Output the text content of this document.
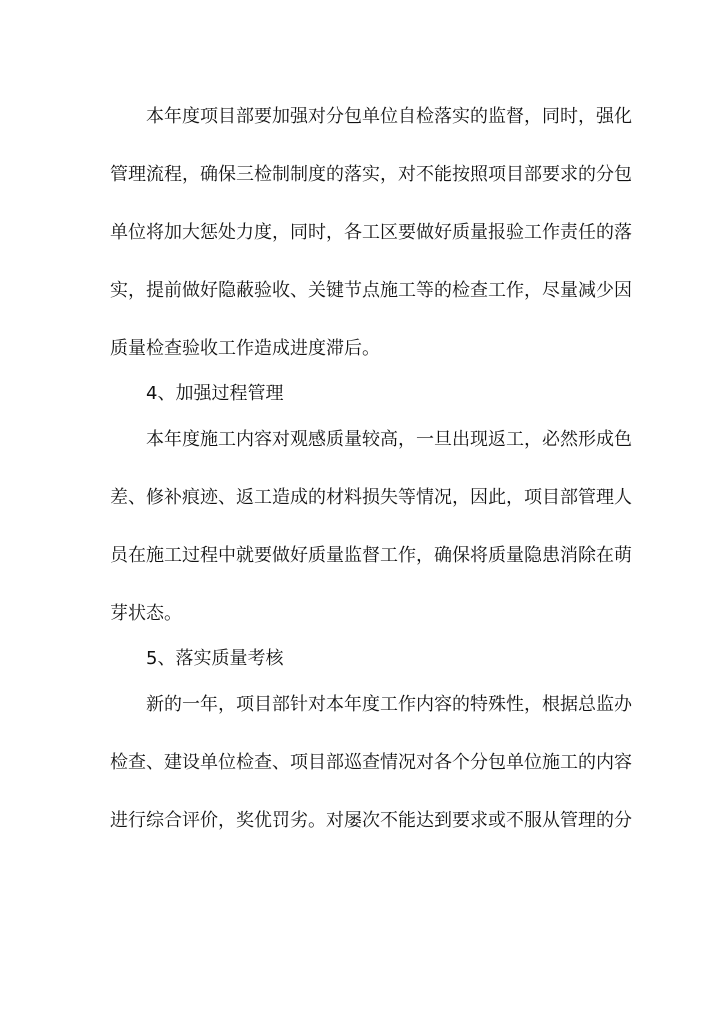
本年度项目部要加强对分包单位自检落实的监督，同时，强化

管理流程，确保三检制制度的落实，对不能按照项目部要求的分包

单位将加大惩处力度，同时，各工区要做好质量报验工作责任的落

实，提前做好隐蔽验收、关键节点施工等的检查工作，尽量减少因

质量检查验收工作造成进度滞后。

4、加强过程管理

本年度施工内容对观感质量较高，一旦出现返工，必然形成色

差、修补痕迹、返工造成的材料损失等情况，因此，项目部管理人

员在施工过程中就要做好质量监督工作，确保将质量隐患消除在萌

芽状态。

5、落实质量考核

新的一年，项目部针对本年度工作内容的特殊性，根据总监办

检查、建设单位检查、项目部巡查情况对各个分包单位施工的内容

进行综合评价，奖优罚劣。对屡次不能达到要求或不服从管理的分
